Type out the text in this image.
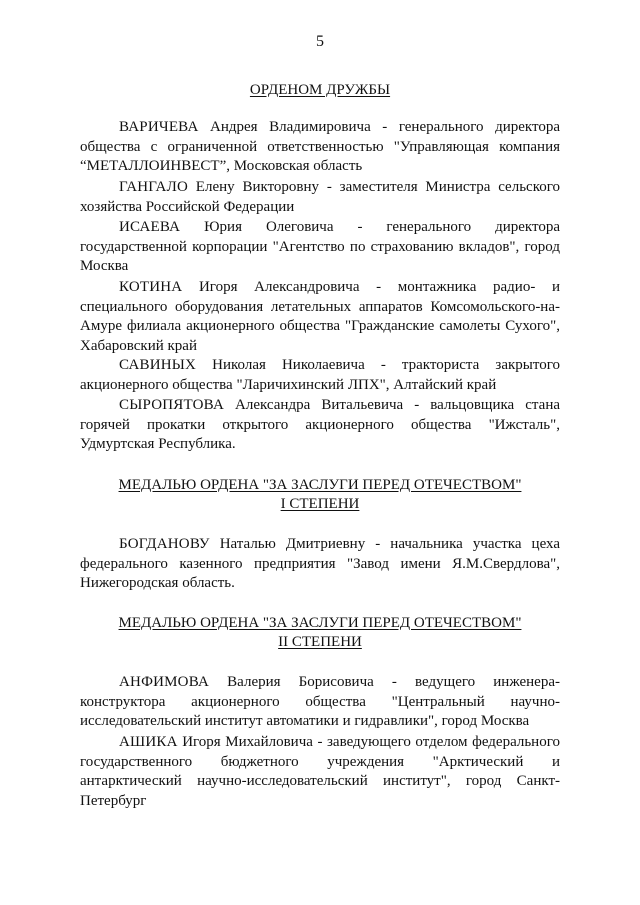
5
ОРДЕНОМ ДРУЖБЫ

ВАРИЧЕВА Андрея Владимировича - генерального директора общества с ограниченной ответственностью "Управляющая компания “МЕТАЛЛОИНВЕСТ”, Московская область

ГАНГАЛО Елену Викторовну - заместителя Министра сельского хозяйства Российской Федерации

ИСАЕВА Юрия Олеговича - генерального директора государственной корпорации "Агентство по страхованию вкладов", город Москва

КОТИНА Игоря Александровича - монтажника радио- и специального оборудования летательных аппаратов Комсомольского-на-Амуре филиала акционерного общества "Гражданские самолеты Сухого", Хабаровский край

САВИНЫХ Николая Николаевича - тракториста закрытого акционерного общества "Ларичихинский ЛПХ", Алтайский край

СЫРОПЯТОВА Александра Витальевича - вальцовщика стана горячей прокатки открытого акционерного общества "Ижсталь", Удмуртская Республика.

МЕДАЛЬЮ ОРДЕНА "ЗА ЗАСЛУГИ ПЕРЕД ОТЕЧЕСТВОМ"
I СТЕПЕНИ

БОГДАНОВУ Наталью Дмитриевну - начальника участка цеха федерального казенного предприятия "Завод имени Я.М.Свердлова", Нижегородская область.

МЕДАЛЬЮ ОРДЕНА "ЗА ЗАСЛУГИ ПЕРЕД ОТЕЧЕСТВОМ"
II СТЕПЕНИ

АНФИМОВА Валерия Борисовича - ведущего инженера-конструктора акционерного общества "Центральный научно-исследовательский институт автоматики и гидравлики", город Москва

АШИКА Игоря Михайловича - заведующего отделом федерального государственного бюджетного учреждения "Арктический и антарктический научно-исследовательский институт", город Санкт-Петербург
